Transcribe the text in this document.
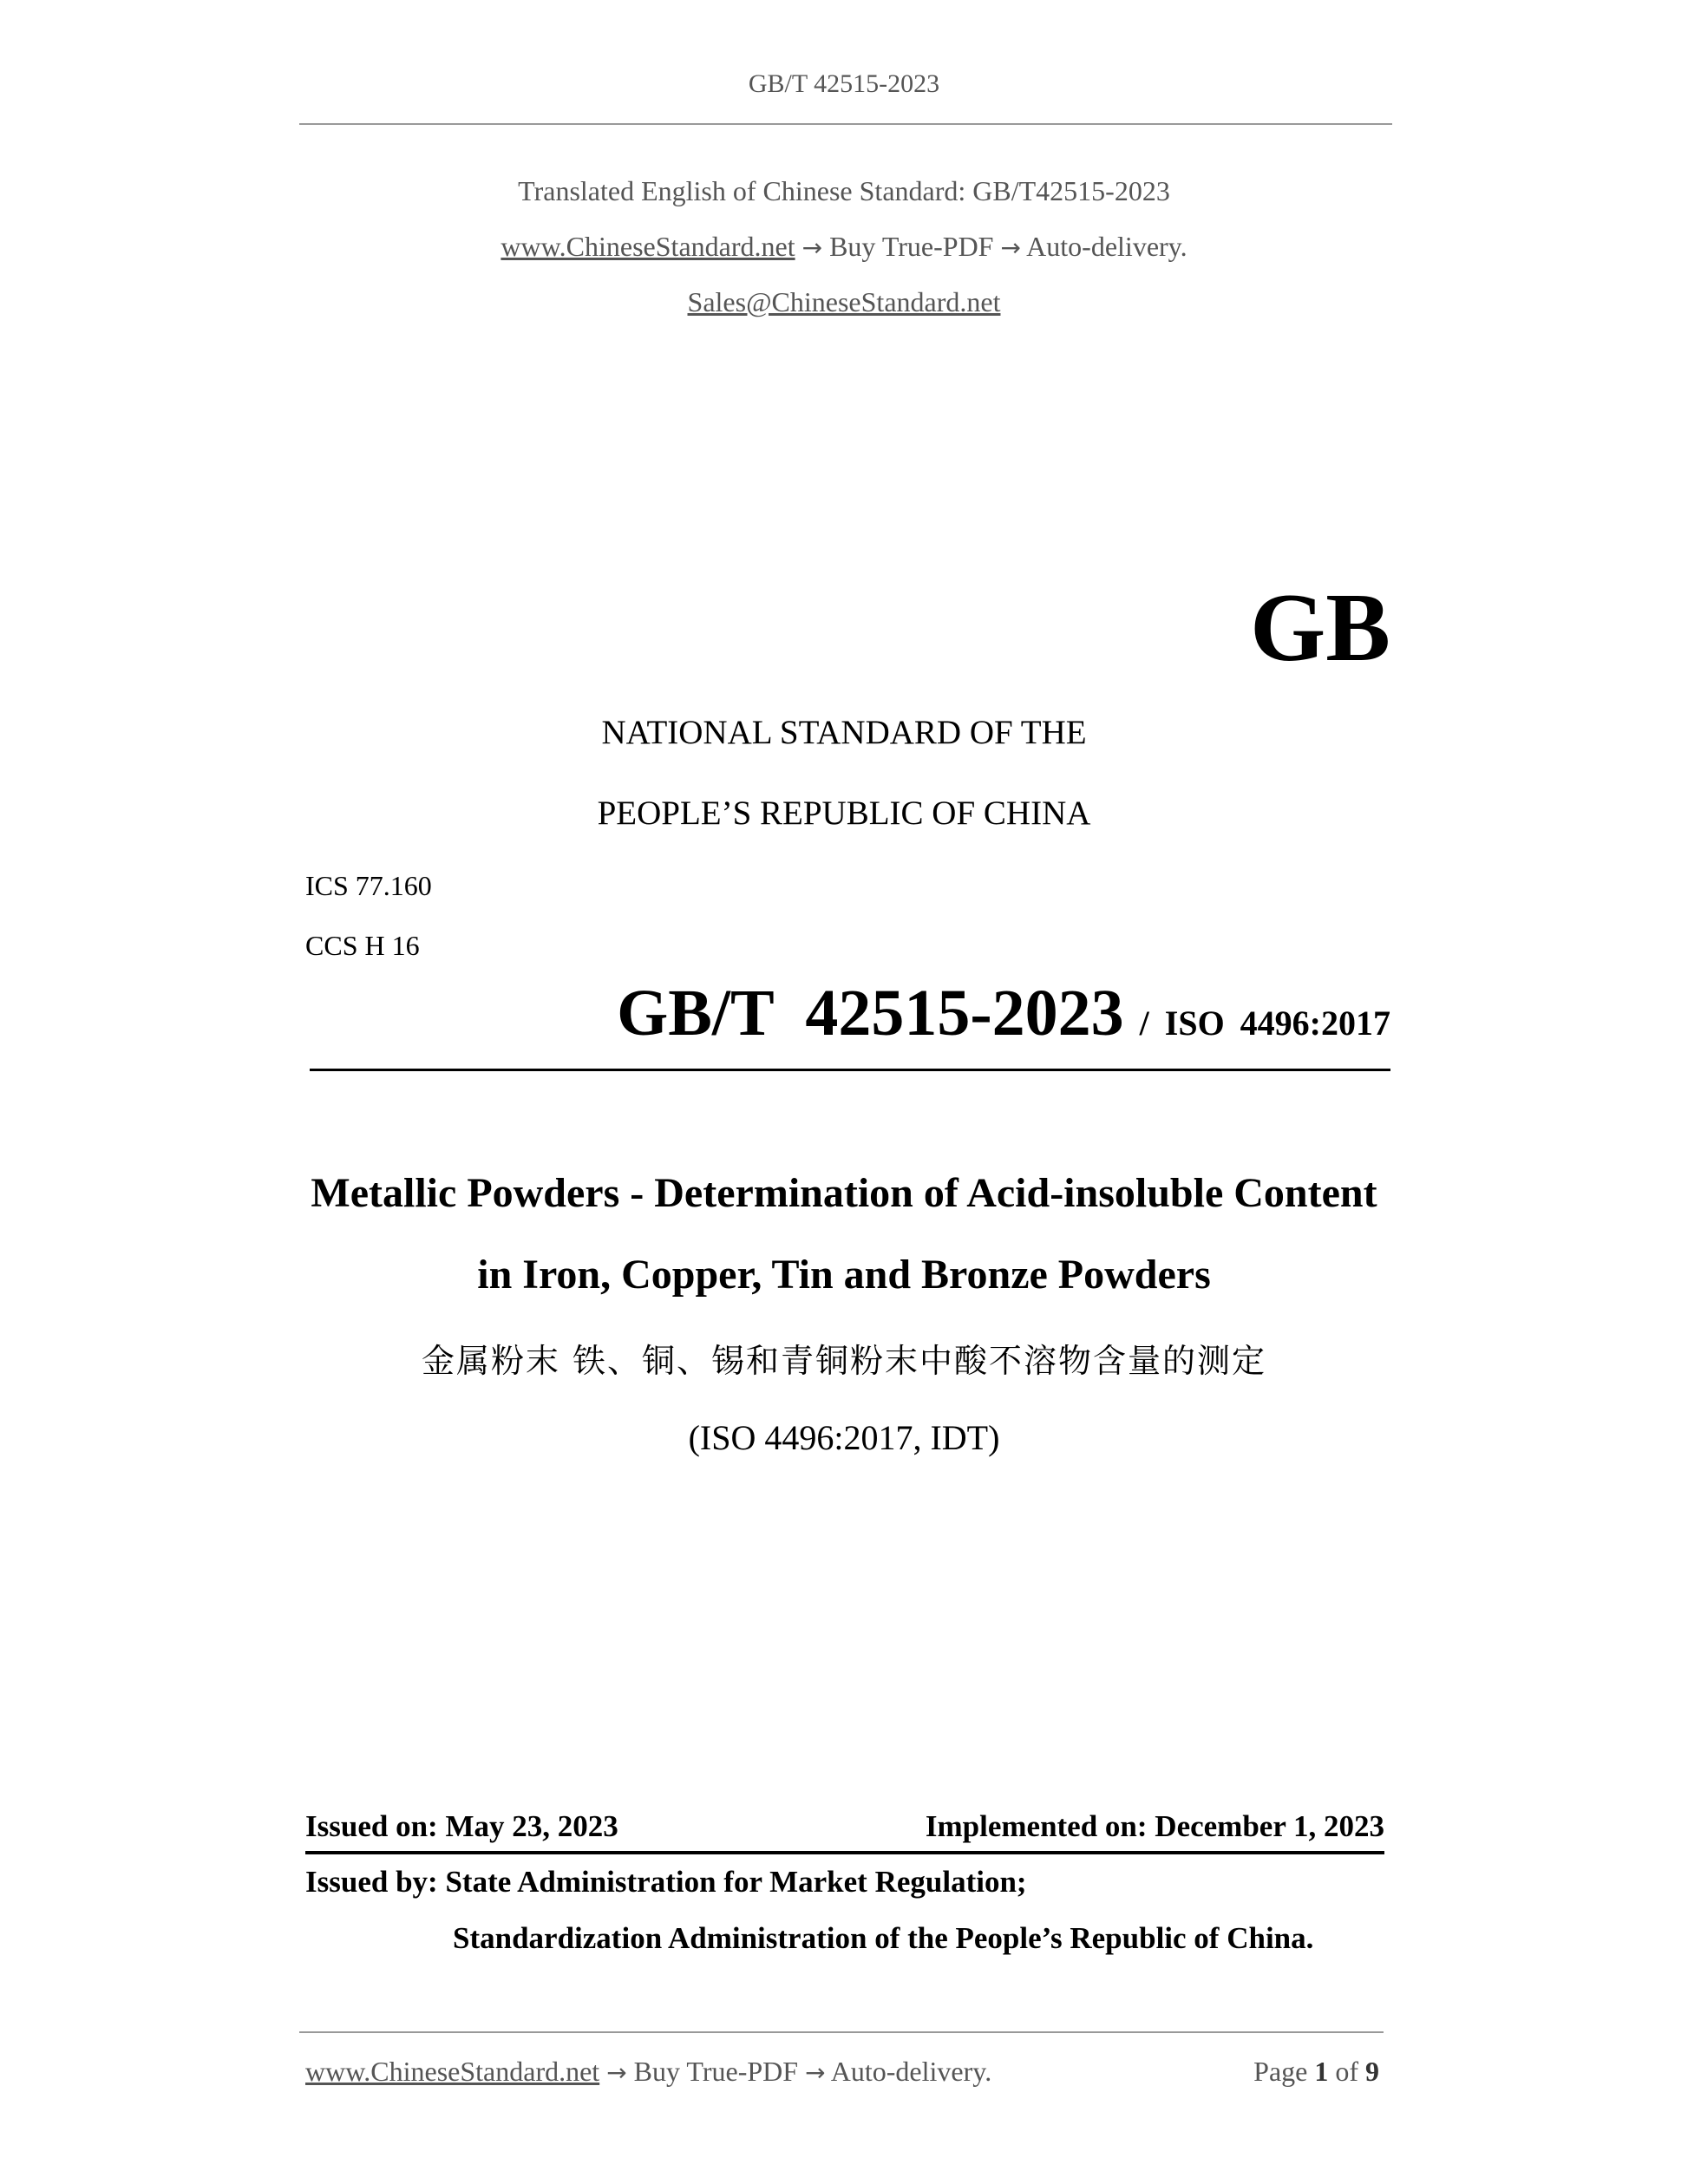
GB/T 42515-2023
Translated English of Chinese Standard: GB/T42515-2023
www.ChineseStandard.net → Buy True-PDF → Auto-delivery.
Sales@ChineseStandard.net
GB
NATIONAL STANDARD OF THE
PEOPLE’S REPUBLIC OF CHINA
ICS 77.160
CCS H 16
GB/T 42515-2023 / ISO 4496:2017
Metallic Powders - Determination of Acid-insoluble Content
in Iron, Copper, Tin and Bronze Powders
金属粉末 铁、铜、锡和青铜粉末中酸不溶物含量的测定
(ISO 4496:2017, IDT)
Issued on: May 23, 2023	Implemented on: December 1, 2023
Issued by: State Administration for Market Regulation;
Standardization Administration of the People’s Republic of China.
www.ChineseStandard.net → Buy True-PDF → Auto-delivery.	Page 1 of 9
